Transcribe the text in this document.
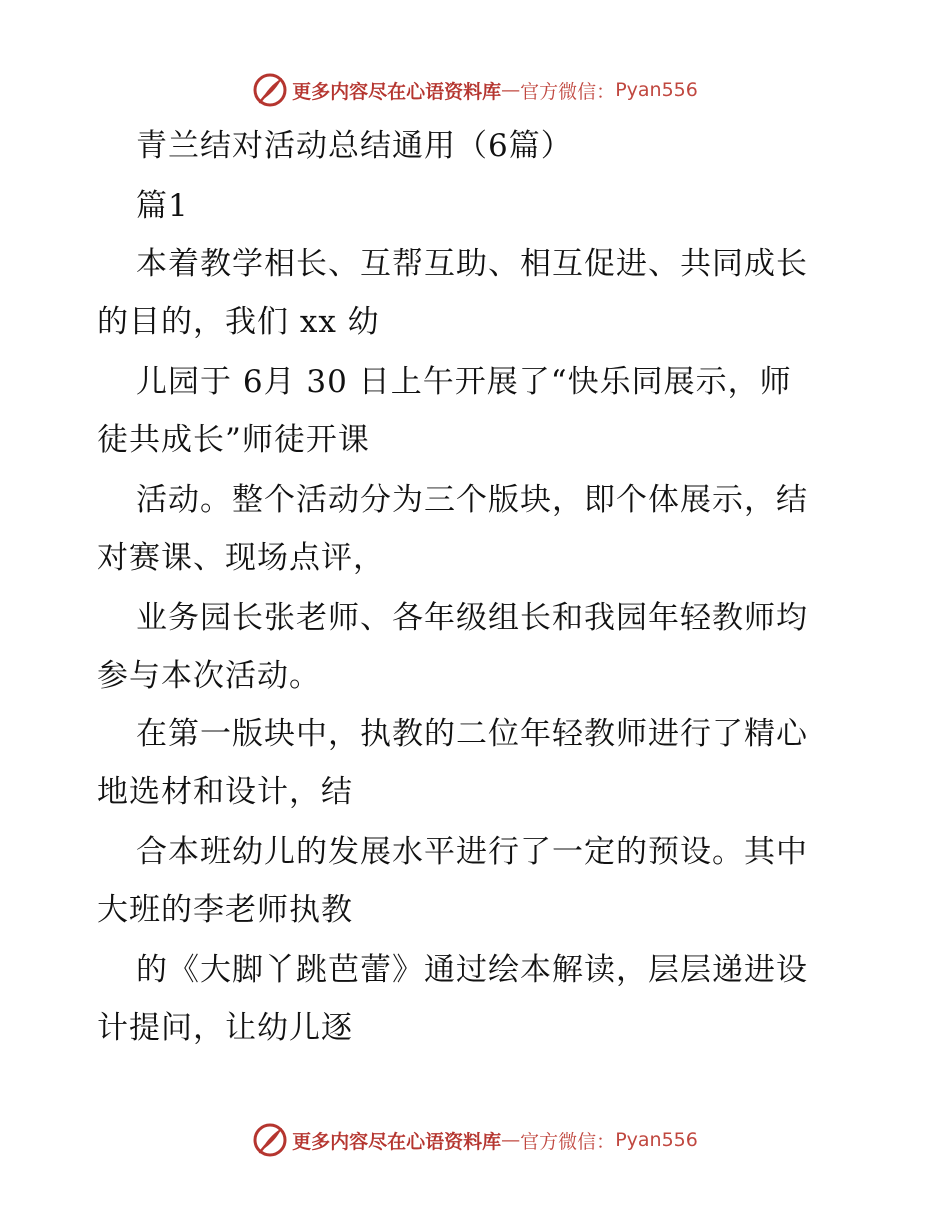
更多内容尽在心语资料库 — 官方微信： Pyan556
青兰结对活动总结通用（6篇）
篇1
本着教学相长、互帮互助、相互促进、共同成长
的目的，我们 xx 幼
儿园于 6月 30 日上午开展了“快乐同展示，师
徒共成长”师徒开课
活动。整个活动分为三个版块，即个体展示，结
对赛课、现场点评，
业务园长张老师、各年级组长和我园年轻教师均
参与本次活动。
在第一版块中，执教的二位年轻教师进行了精心
地选材和设计，结
合本班幼儿的发展水平进行了一定的预设。其中
大班的李老师执教
的《大脚丫跳芭蕾》通过绘本解读，层层递进设
计提问，让幼儿逐
更多内容尽在心语资料库 — 官方微信： Pyan556
